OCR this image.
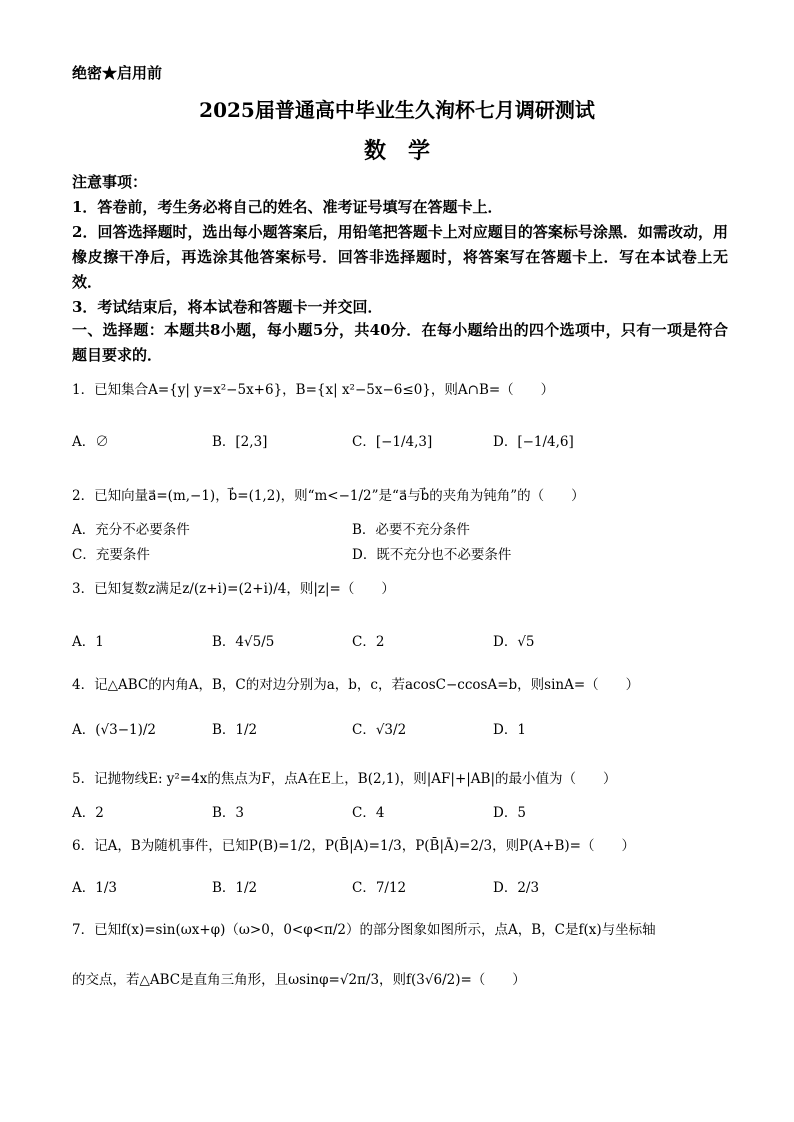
绝密★启用前
2025届普通高中毕业生久洵杯七月调研测试
数学

注意事项：

1．答卷前，考生务必将自己的姓名、准考证号填写在答题卡上．

2．回答选择题时，选出每小题答案后，用铅笔把答题卡上对应题目的答案标号涂黑．如需改动，用橡皮擦干净后，再选涂其他答案标号．回答非选择题时，将答案写在答题卡上．写在本试卷上无效．

3．考试结束后，将本试卷和答题卡一并交回．

一、选择题：本题共8小题，每小题5分，共40分．在每小题给出的四个选项中，只有一项是符合题目要求的．
1．已知集合A={y| y=x²−5x+6}，B={x| x²−5x−6≤0}，则A∩B=（　　）
A．∅	B．[2,3]	C．[−1/4,3]	D．[−1/4,6]
2．已知向量a⃗=(m,−1)，b⃗=(1,2)，则“m<−1/2”是“a⃗与b⃗的夹角为钝角”的（　　）
A．充分不必要条件	B．必要不充分条件
C．充要条件	D．既不充分也不必要条件
3．已知复数z满足z/(z+i)=(2+i)/4，则|z|=（　　）
A．1	B．4√5/5	C．2	D．√5
4．记△ABC的内角A，B，C的对边分别为a，b，c，若acosC−ccosA=b，则sinA=（　　）
A．(√3−1)/2	B．1/2	C．√3/2	D．1
5．记抛物线E: y²=4x的焦点为F，点A在E上，B(2,1)，则|AF|+|AB|的最小值为（　　）
A．2	B．3	C．4	D．5
6．记A，B为随机事件，已知P(B)=1/2，P(B̄|A)=1/3，P(B̄|Ā)=2/3，则P(A+B)=（　　）
A．1/3	B．1/2	C．7/12	D．2/3
7．已知f(x)=sin(ωx+φ)（ω>0，0<φ<π/2）的部分图象如图所示，点A，B，C是f(x)与坐标轴
的交点，若△ABC是直角三角形，且ωsinφ=√2π/3，则f(3√6/2)=（　　）
